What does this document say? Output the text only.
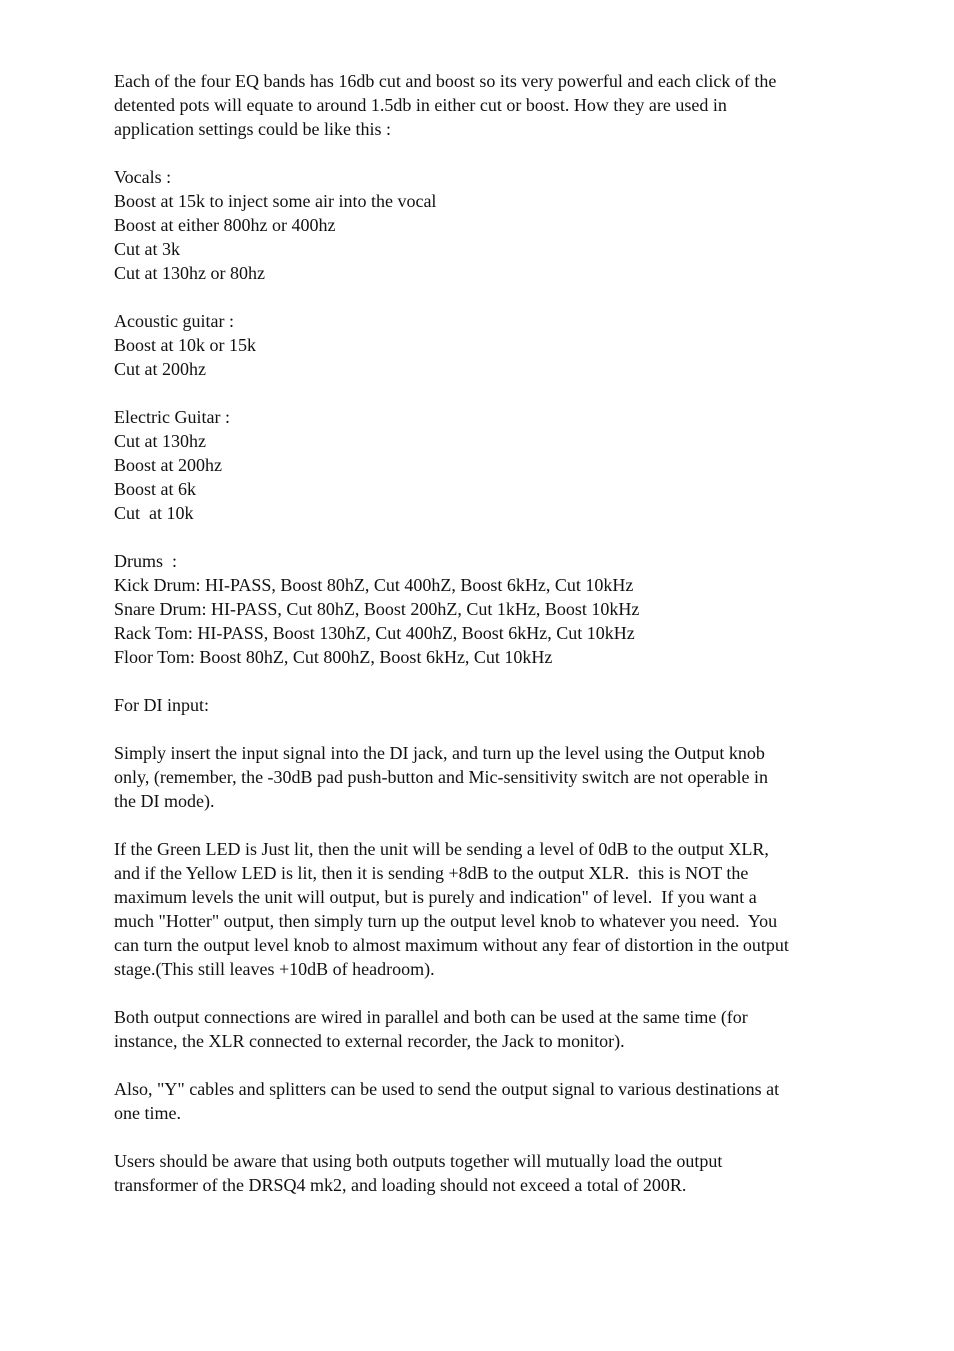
Each of the four EQ bands has 16db cut and boost so its very powerful and each click of the
detented pots will equate to around 1.5db in either cut or boost. How they are used in
application settings could be like this :
Vocals :
Boost at 15k to inject some air into the vocal
Boost at either 800hz or 400hz
Cut at 3k
Cut at 130hz or 80hz
Acoustic guitar :
Boost at 10k or 15k
Cut at 200hz
Electric Guitar :
Cut at 130hz
Boost at 200hz
Boost at 6k
Cut  at 10k
Drums  :
Kick Drum: HI-PASS, Boost 80hZ, Cut 400hZ, Boost 6kHz, Cut 10kHz
Snare Drum: HI-PASS, Cut 80hZ, Boost 200hZ, Cut 1kHz, Boost 10kHz
Rack Tom: HI-PASS, Boost 130hZ, Cut 400hZ, Boost 6kHz, Cut 10kHz
Floor Tom: Boost 80hZ, Cut 800hZ, Boost 6kHz, Cut 10kHz
For DI input:
Simply insert the input signal into the DI jack, and turn up the level using the Output knob
only, (remember, the -30dB pad push-button and Mic-sensitivity switch are not operable in
the DI mode).
If the Green LED is Just lit, then the unit will be sending a level of 0dB to the output XLR,
and if the Yellow LED is lit, then it is sending +8dB to the output XLR.  this is NOT the
maximum levels the unit will output, but is purely and indication" of level.  If you want a
much "Hotter" output, then simply turn up the output level knob to whatever you need.  You
can turn the output level knob to almost maximum without any fear of distortion in the output
stage.(This still leaves +10dB of headroom).
Both output connections are wired in parallel and both can be used at the same time (for
instance, the XLR connected to external recorder, the Jack to monitor).
Also, "Y" cables and splitters can be used to send the output signal to various destinations at
one time.
Users should be aware that using both outputs together will mutually load the output
transformer of the DRSQ4 mk2, and loading should not exceed a total of 200R.
